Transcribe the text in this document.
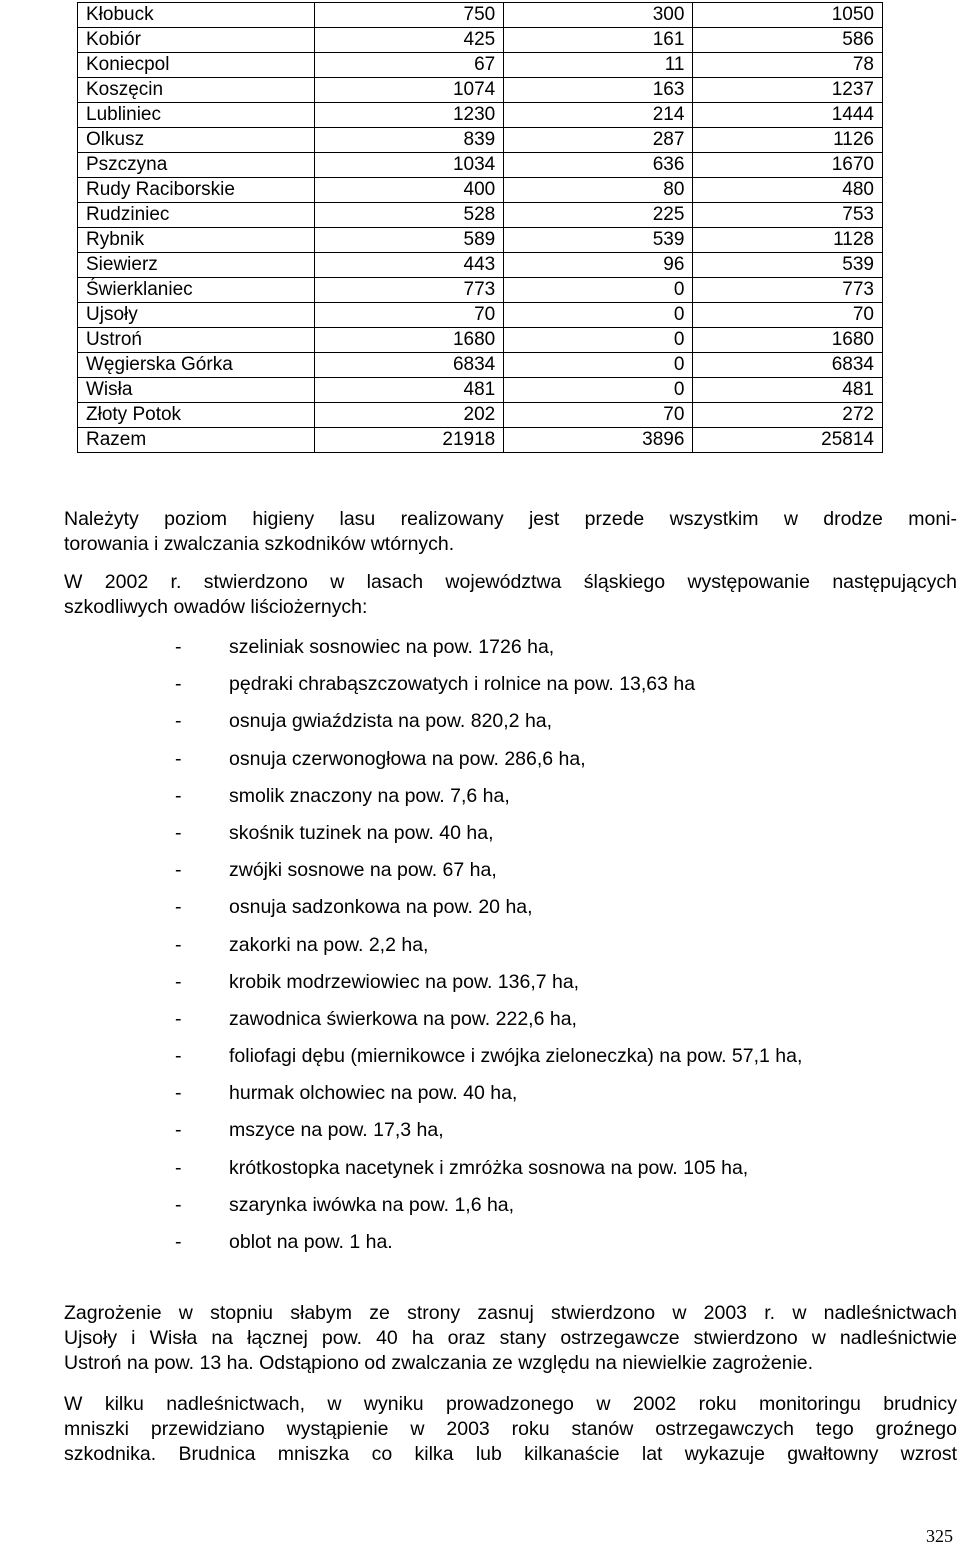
Kłobuck	750	300	1050
Kobiór	425	161	586
Koniecpol	67	11	78
Koszęcin	1074	163	1237
Lubliniec	1230	214	1444
Olkusz	839	287	1126
Pszczyna	1034	636	1670
Rudy Raciborskie	400	80	480
Rudziniec	528	225	753
Rybnik	589	539	1128
Siewierz	443	96	539
Świerklaniec	773	0	773
Ujsoły	70	0	70
Ustroń	1680	0	1680
Węgierska Górka	6834	0	6834
Wisła	481	0	481
Złoty Potok	202	70	272
Razem	21918	3896	25814
Należyty poziom higieny lasu realizowany jest przede wszystkim w drodze moni-
torowania i zwalczania szkodników wtórnych.
W 2002 r. stwierdzono w lasach województwa śląskiego występowanie następujących
szkodliwych owadów liściożernych:
- szeliniak sosnowiec na pow. 1726 ha,
- pędraki chrabąszczowatych i rolnice na pow. 13,63 ha
- osnuja gwiaździsta na pow. 820,2 ha,
- osnuja czerwonogłowa na pow. 286,6 ha,
- smolik znaczony na pow. 7,6 ha,
- skośnik tuzinek na pow. 40 ha,
- zwójki sosnowe na pow. 67 ha,
- osnuja sadzonkowa na pow. 20 ha,
- zakorki na pow. 2,2 ha,
- krobik modrzewiowiec na pow. 136,7 ha,
- zawodnica świerkowa na pow. 222,6 ha,
- foliofagi dębu (miernikowce i zwójka zieloneczka) na pow. 57,1 ha,
- hurmak olchowiec na pow. 40 ha,
- mszyce na pow. 17,3 ha,
- krótkostopka nacetynek i zmróżka sosnowa na pow. 105 ha,
- szarynka iwówka na pow. 1,6 ha,
- oblot na pow. 1 ha.
Zagrożenie w stopniu słabym ze strony zasnuj stwierdzono w 2003 r. w nadleśnictwach
Ujsoły i Wisła na łącznej pow. 40 ha oraz stany ostrzegawcze stwierdzono w nadleśnictwie
Ustroń na pow. 13 ha. Odstąpiono od zwalczania ze względu na niewielkie zagrożenie.
W kilku nadleśnictwach, w wyniku prowadzonego w 2002 roku monitoringu brudnicy
mniszki przewidziano wystąpienie w 2003 roku stanów ostrzegawczych tego groźnego
szkodnika. Brudnica mniszka co kilka lub kilkanaście lat wykazuje gwałtowny wzrost
325
